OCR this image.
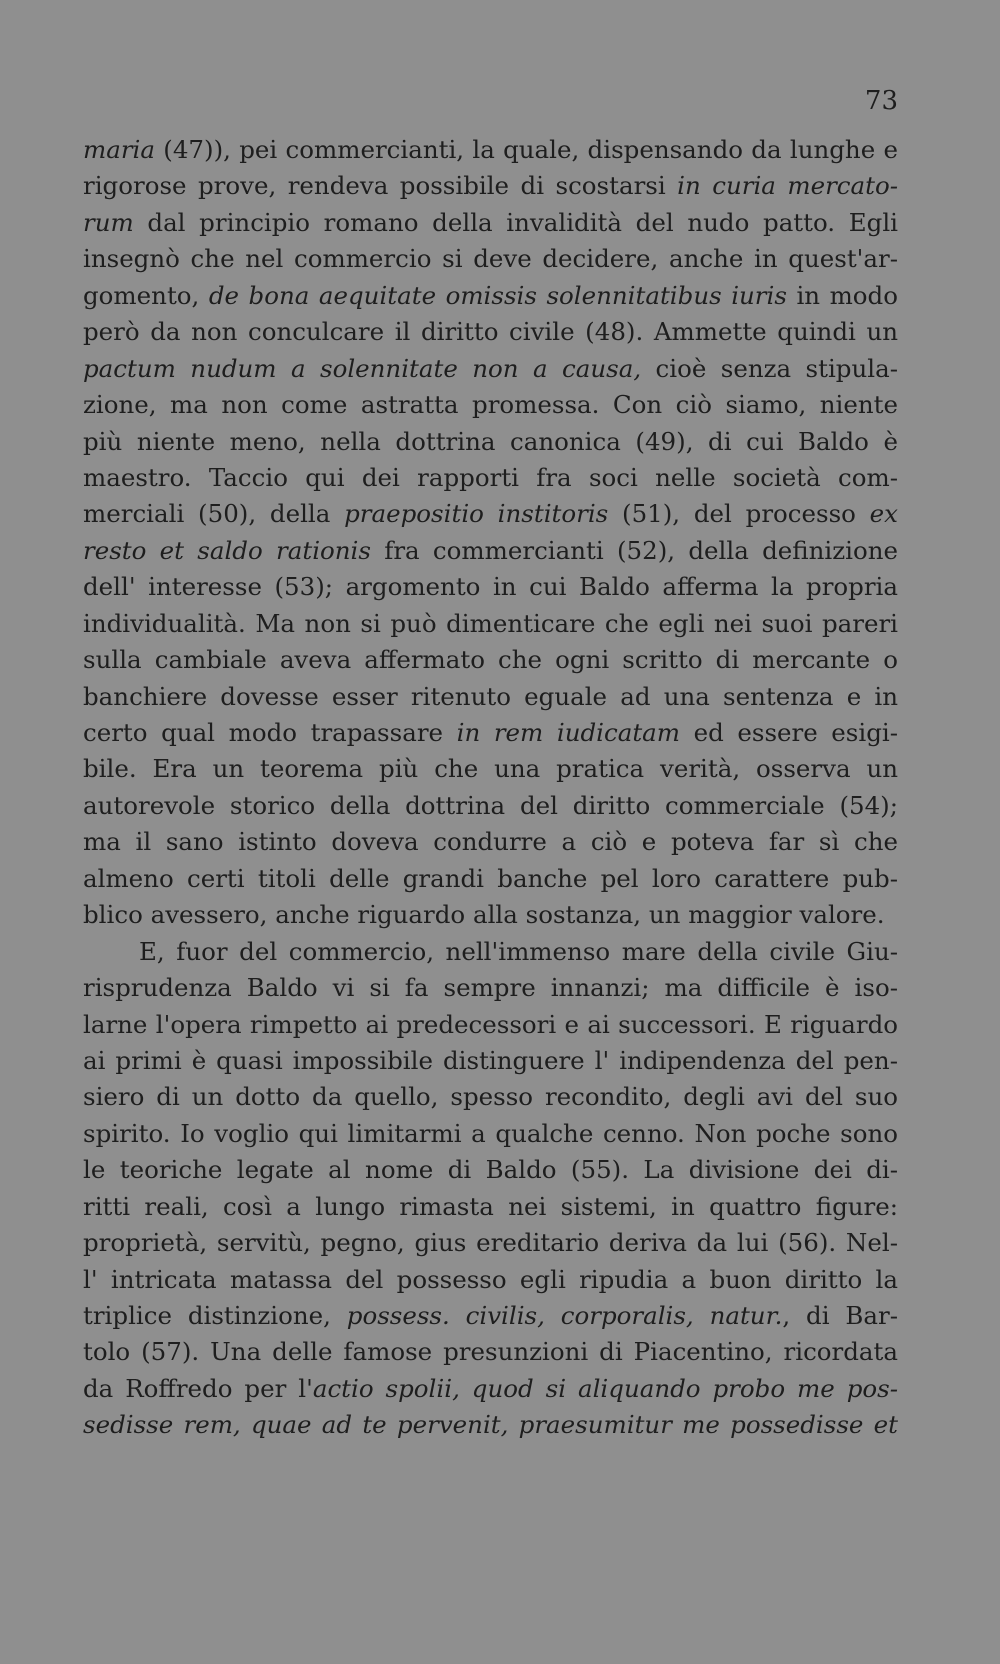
73
maria (47)), pei commercianti, la quale, dispensando da lunghe e
rigorose prove, rendeva possibile di scostarsi in curia mercato-
rum dal principio romano della invalidità del nudo patto. Egli
insegnò che nel commercio si deve decidere, anche in quest'ar-
gomento, de bona aequitate omissis solennitatibus iuris in modo
però da non conculcare il diritto civile (48). Ammette quindi un
pactum nudum a solennitate non a causa, cioè senza stipula-
zione, ma non come astratta promessa. Con ciò siamo, niente
più niente meno, nella dottrina canonica (49), di cui Baldo è
maestro. Taccio qui dei rapporti fra soci nelle società com-
merciali (50), della praepositio institoris (51), del processo ex
resto et saldo rationis fra commercianti (52), della definizione
dell' interesse (53); argomento in cui Baldo afferma la propria
individualità. Ma non si può dimenticare che egli nei suoi pareri
sulla cambiale aveva affermato che ogni scritto di mercante o
banchiere dovesse esser ritenuto eguale ad una sentenza e in
certo qual modo trapassare in rem iudicatam ed essere esigi-
bile. Era un teorema più che una pratica verità, osserva un
autorevole storico della dottrina del diritto commerciale (54);
ma il sano istinto doveva condurre a ciò e poteva far sì che
almeno certi titoli delle grandi banche pel loro carattere pub-
blico avessero, anche riguardo alla sostanza, un maggior valore.
E, fuor del commercio, nell'immenso mare della civile Giu-
risprudenza Baldo vi si fa sempre innanzi; ma difficile è iso-
larne l'opera rimpetto ai predecessori e ai successori. E riguardo
ai primi è quasi impossibile distinguere l' indipendenza del pen-
siero di un dotto da quello, spesso recondito, degli avi del suo
spirito. Io voglio qui limitarmi a qualche cenno. Non poche sono
le teoriche legate al nome di Baldo (55). La divisione dei di-
ritti reali, così a lungo rimasta nei sistemi, in quattro figure:
proprietà, servitù, pegno, gius ereditario deriva da lui (56). Nel-
l' intricata matassa del possesso egli ripudia a buon diritto la
triplice distinzione, possess. civilis, corporalis, natur., di Bar-
tolo (57). Una delle famose presunzioni di Piacentino, ricordata
da Roffredo per l'actio spolii, quod si aliquando probo me pos-
sedisse rem, quae ad te pervenit, praesumitur me possedisse et
